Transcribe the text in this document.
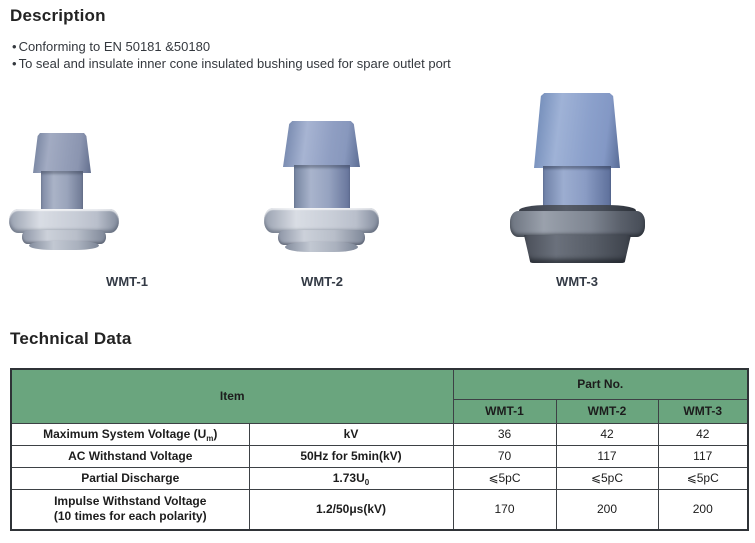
Description
• Conforming to EN 50181 &50180
• To seal and insulate inner cone insulated bushing used for spare outlet port
WMT-1	WMT-2	WMT-3
Technical Data
Item		Part No.		
		WMT-1	WMT-2	WMT-3
Maximum System Voltage $(U_m)$	kV	36	42	42
AC Withstand Voltage	50Hz for 5min(kV)	70	117	117
Partial Discharge	$1.73U_0$	⩽5pC	⩽5pC	⩽5pC

Impulse Withstand Voltage
(10 times for each polarity)	1.2/50μs(kV)	170	200	200
